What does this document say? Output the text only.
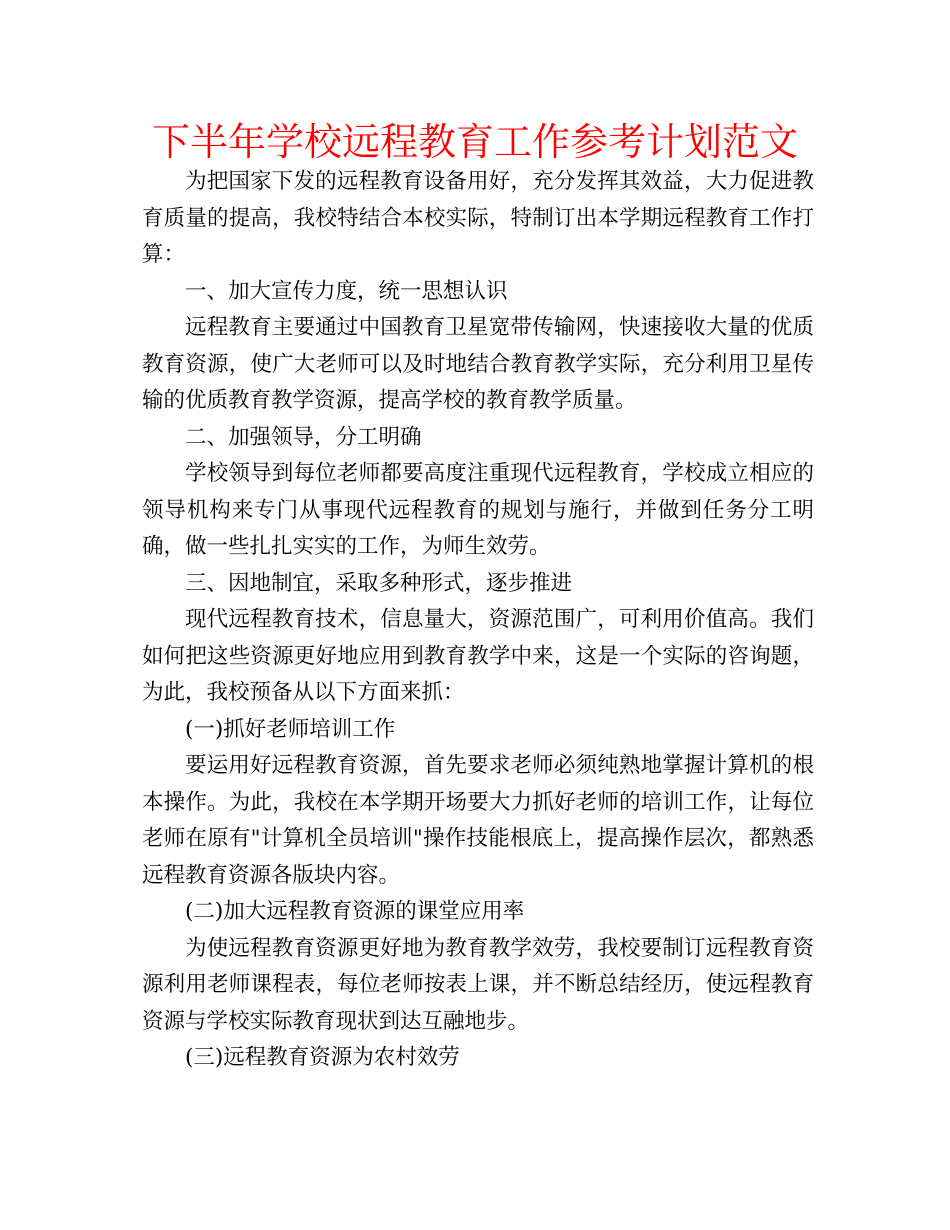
下半年学校远程教育工作参考计划范文

为把国家下发的远程教育设备用好，充分发挥其效益，大力促进教育质量的提高，我校特结合本校实际，特制订出本学期远程教育工作打算：

一、加大宣传力度，统一思想认识

远程教育主要通过中国教育卫星宽带传输网，快速接收大量的优质教育资源，使广大老师可以及时地结合教育教学实际，充分利用卫星传输的优质教育教学资源，提高学校的教育教学质量。

二、加强领导，分工明确

学校领导到每位老师都要高度注重现代远程教育，学校成立相应的领导机构来专门从事现代远程教育的规划与施行，并做到任务分工明确，做一些扎扎实实的工作，为师生效劳。

三、因地制宜，采取多种形式，逐步推进

现代远程教育技术，信息量大，资源范围广，可利用价值高。我们如何把这些资源更好地应用到教育教学中来，这是一个实际的咨询题，为此，我校预备从以下方面来抓：

(一)抓好老师培训工作

要运用好远程教育资源，首先要求老师必须纯熟地掌握计算机的根本操作。为此，我校在本学期开场要大力抓好老师的培训工作，让每位老师在原有"计算机全员培训"操作技能根底上，提高操作层次，都熟悉远程教育资源各版块内容。

(二)加大远程教育资源的课堂应用率

为使远程教育资源更好地为教育教学效劳，我校要制订远程教育资源利用老师课程表，每位老师按表上课，并不断总结经历，使远程教育资源与学校实际教育现状到达互融地步。

(三)远程教育资源为农村效劳
